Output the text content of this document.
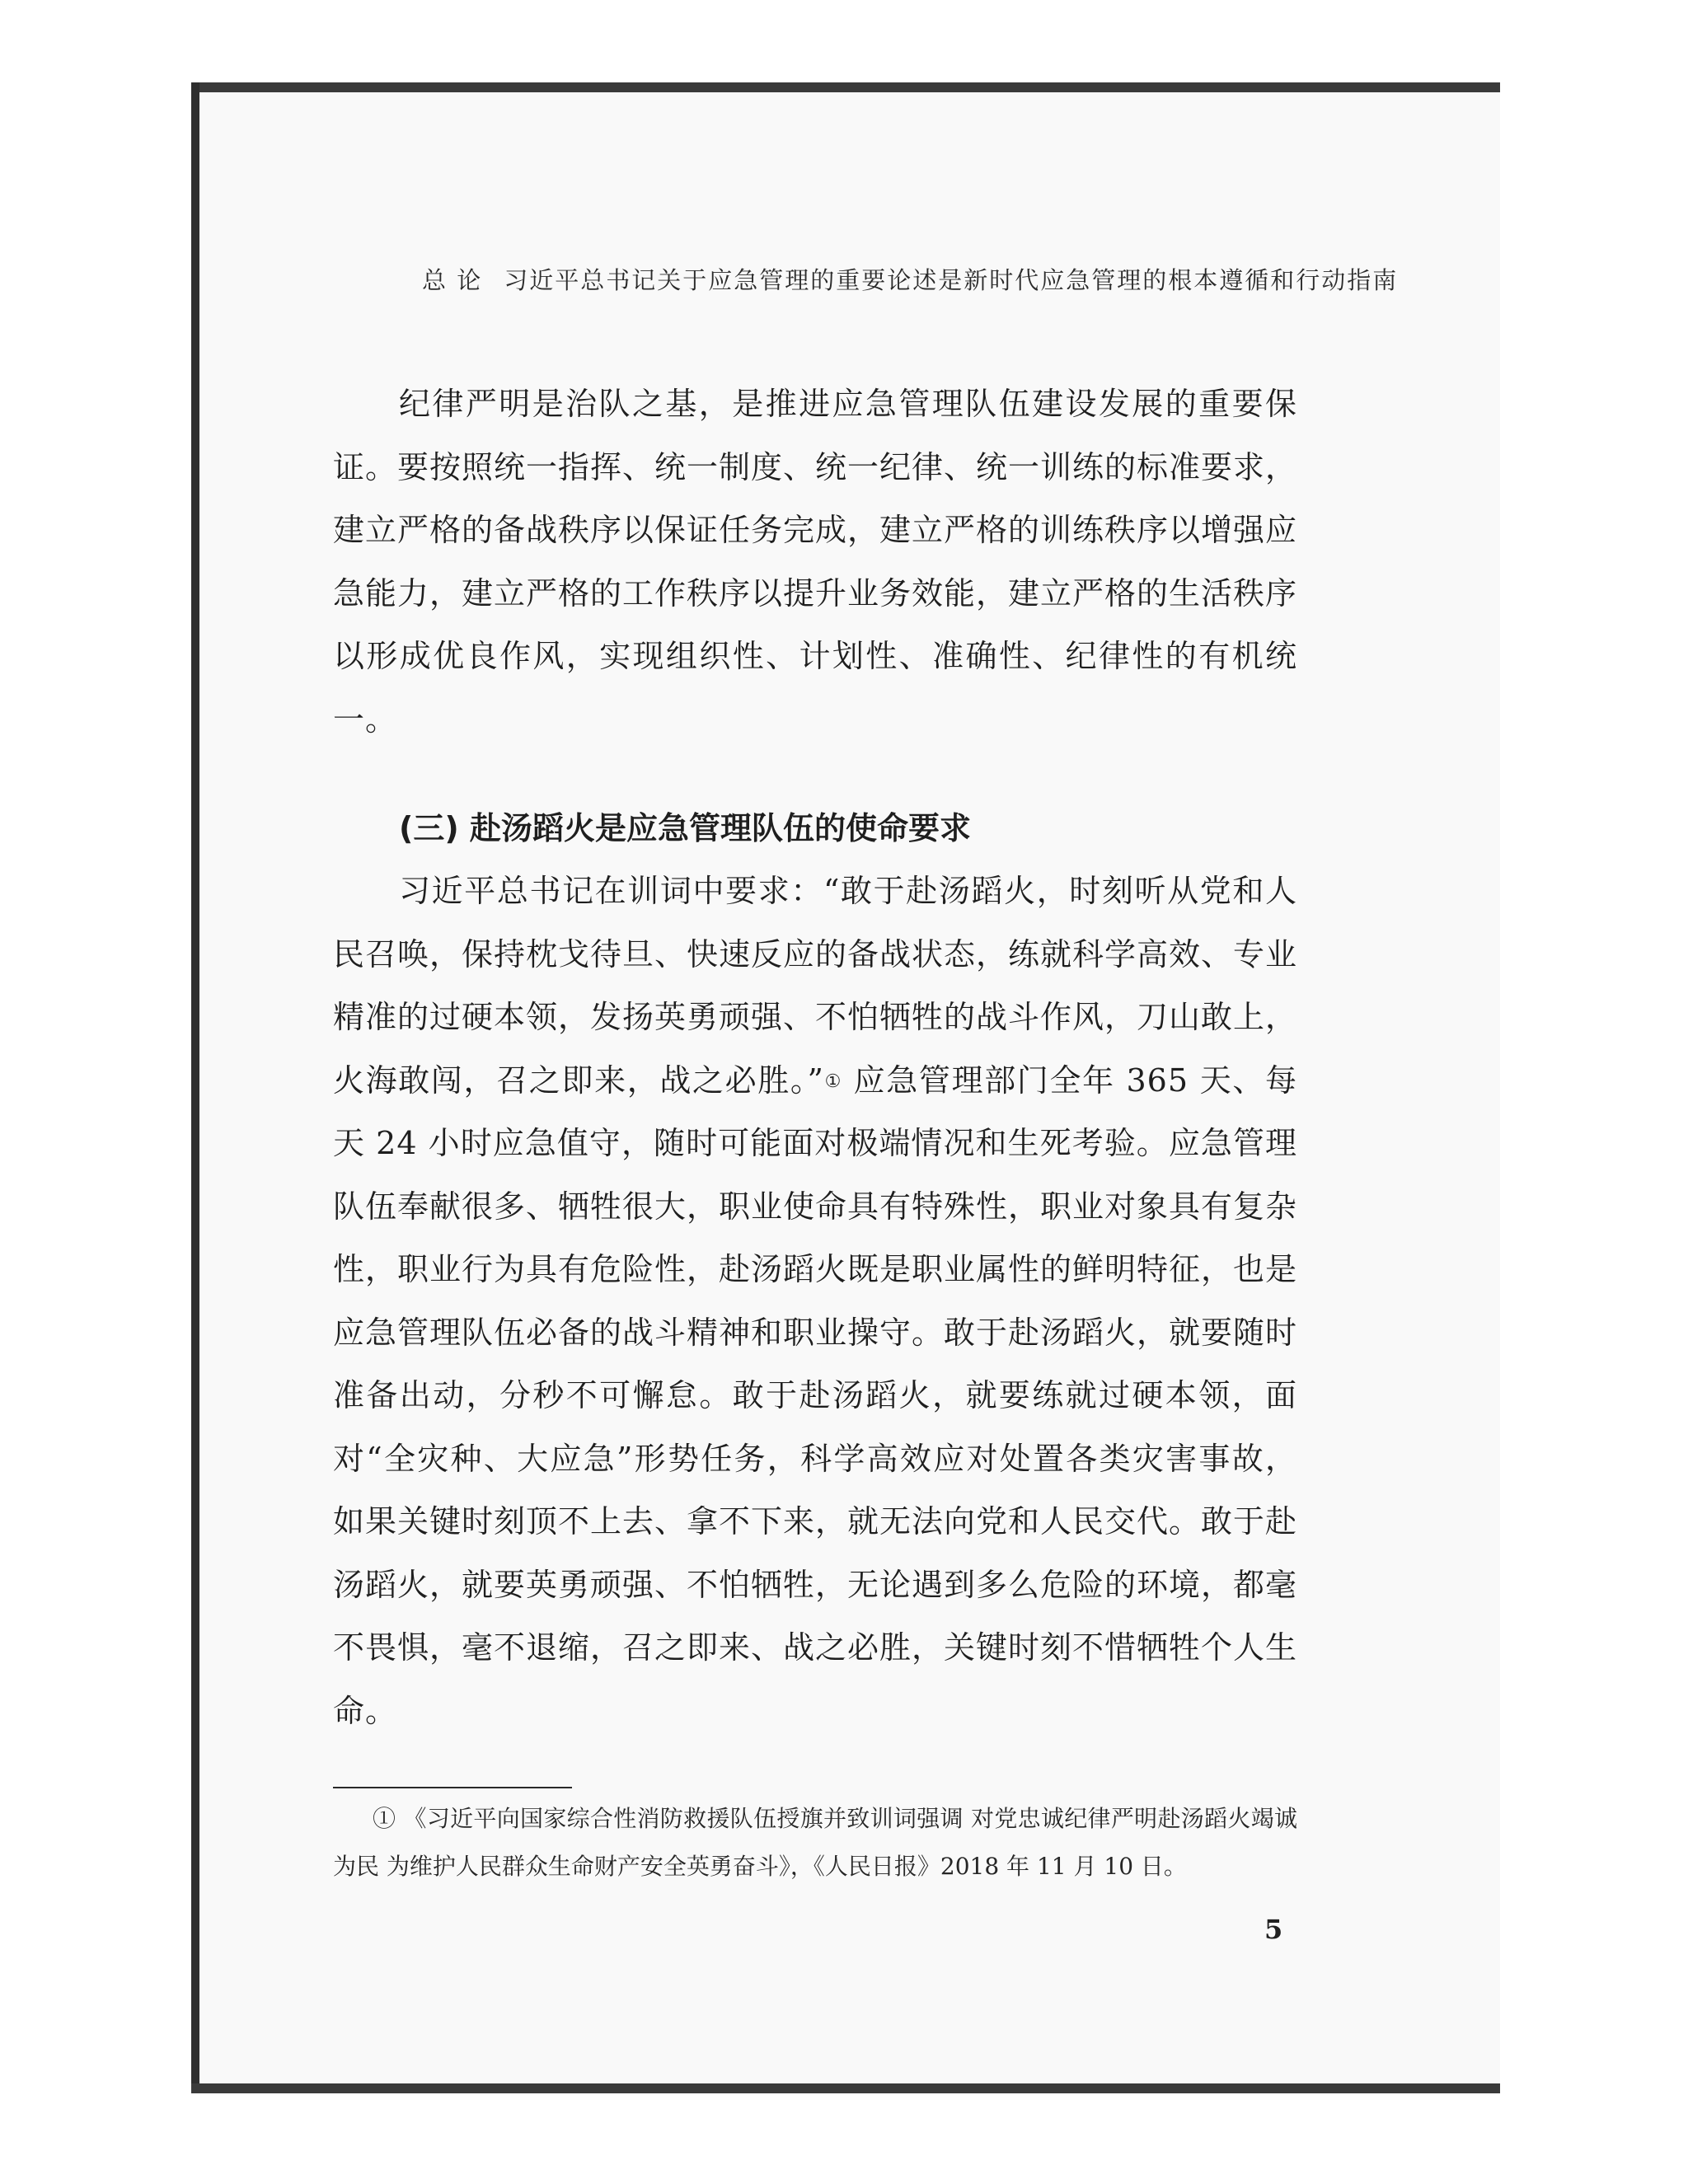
总 论 习近平总书记关于应急管理的重要论述是新时代应急管理的根本遵循和行动指南

纪律严明是治队之基，是推进应急管理队伍建设发展的重要保证。要按照统一指挥、统一制度、统一纪律、统一训练的标准要求，建立严格的备战秩序以保证任务完成，建立严格的训练秩序以增强应急能力，建立严格的工作秩序以提升业务效能，建立严格的生活秩序以形成优良作风，实现组织性、计划性、准确性、纪律性的有机统一。

(三) 赴汤蹈火是应急管理队伍的使命要求

习近平总书记在训词中要求：“敢于赴汤蹈火，时刻听从党和人民召唤，保持枕戈待旦、快速反应的备战状态，练就科学高效、专业精准的过硬本领，发扬英勇顽强、不怕牺牲的战斗作风，刀山敢上，火海敢闯，召之即来，战之必胜。”① 应急管理部门全年 365 天、每天 24 小时应急值守，随时可能面对极端情况和生死考验。应急管理队伍奉献很多、牺牲很大，职业使命具有特殊性，职业对象具有复杂性，职业行为具有危险性，赴汤蹈火既是职业属性的鲜明特征，也是应急管理队伍必备的战斗精神和职业操守。敢于赴汤蹈火，就要随时准备出动，分秒不可懈怠。敢于赴汤蹈火，就要练就过硬本领，面对“全灾种、大应急”形势任务，科学高效应对处置各类灾害事故，如果关键时刻顶不上去、拿不下来，就无法向党和人民交代。敢于赴汤蹈火，就要英勇顽强、不怕牺牲，无论遇到多么危险的环境，都毫不畏惧，毫不退缩，召之即来、战之必胜，关键时刻不惜牺牲个人生命。

① 《习近平向国家综合性消防救援队伍授旗并致训词强调 对党忠诚纪律严明赴汤蹈火竭诚为民 为维护人民群众生命财产安全英勇奋斗》，《人民日报》2018 年 11 月 10 日。
5
